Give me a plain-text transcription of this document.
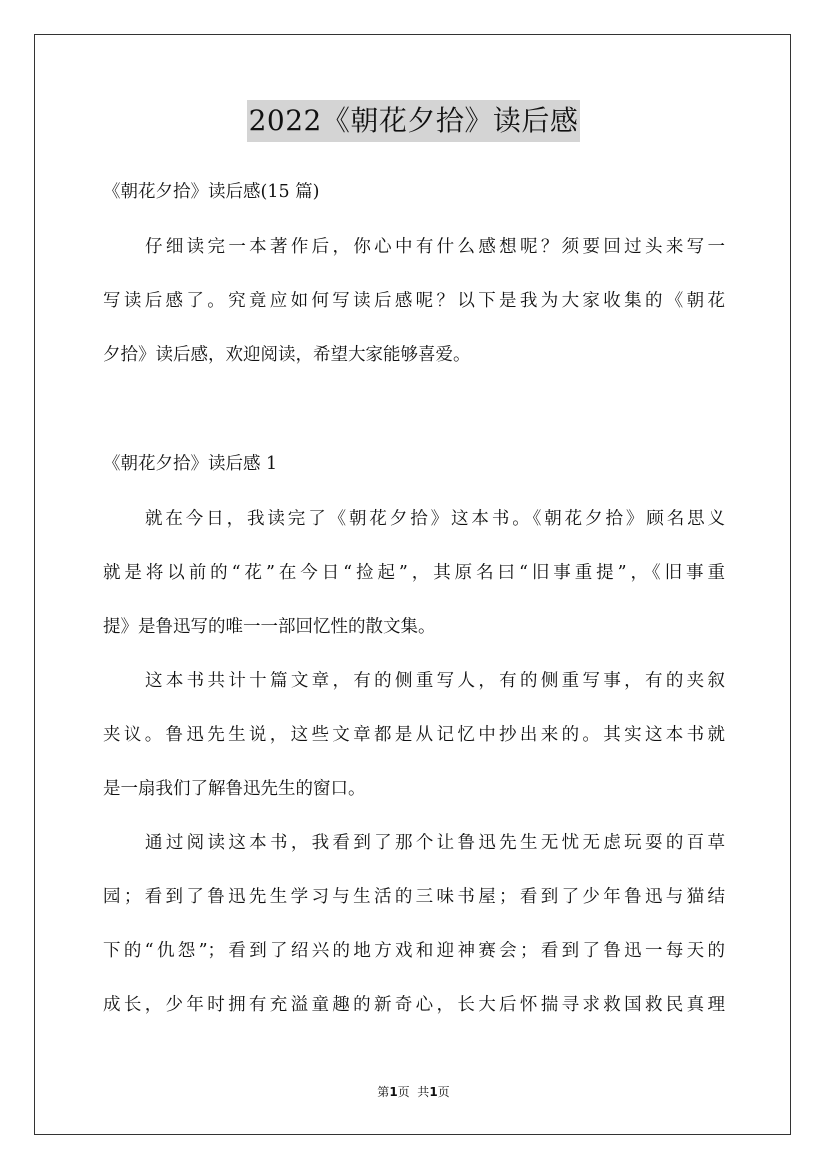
2022《朝花夕拾》读后感
《朝花夕拾》读后感(15 篇)
仔细读完一本著作后，你心中有什么感想呢？须要回过头来写一
写读后感了。究竟应如何写读后感呢？以下是我为大家收集的《朝花
夕拾》读后感，欢迎阅读，希望大家能够喜爱。
《朝花夕拾》读后感 1
就在今日，我读完了《朝花夕拾》这本书。《朝花夕拾》顾名思义
就是将以前的“花”在今日“捡起”，其原名曰“旧事重提”，《旧事重
提》是鲁迅写的唯一一部回忆性的散文集。
这本书共计十篇文章，有的侧重写人，有的侧重写事，有的夹叙
夹议。鲁迅先生说，这些文章都是从记忆中抄出来的。其实这本书就
是一扇我们了解鲁迅先生的窗口。
通过阅读这本书，我看到了那个让鲁迅先生无忧无虑玩耍的百草
园；看到了鲁迅先生学习与生活的三味书屋；看到了少年鲁迅与猫结
下的“仇怨”；看到了绍兴的地方戏和迎神赛会；看到了鲁迅一每天的
成长，少年时拥有充溢童趣的新奇心，长大后怀揣寻求救国救民真理
第1页  共1页
